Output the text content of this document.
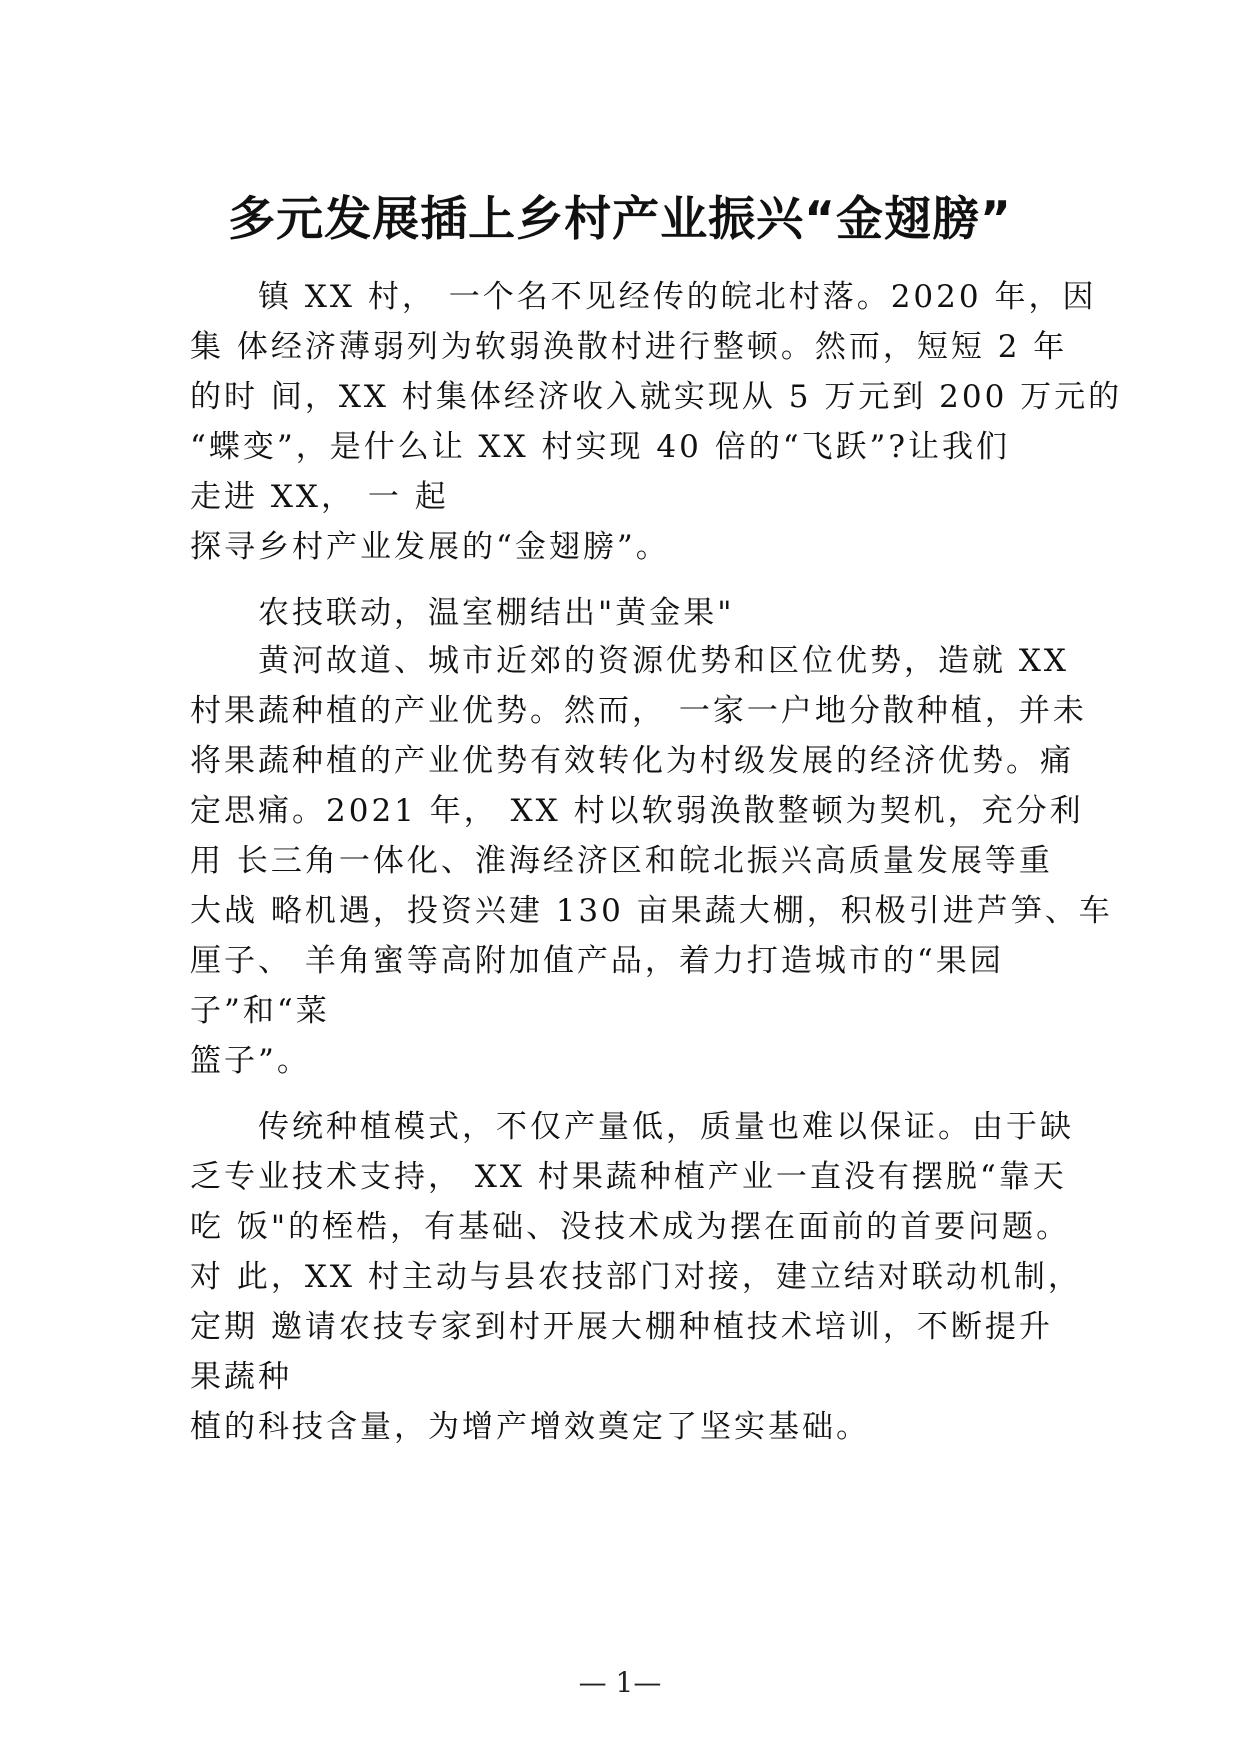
多元发展插上乡村产业振兴“金翅膀”
镇 XX 村， 一个名不见经传的皖北村落。2020 年，因
集 体经济薄弱列为软弱涣散村进行整顿。然而，短短 2 年
的时 间，XX 村集体经济收入就实现从 5 万元到 200 万元的
“蝶变”，是什么让 XX 村实现 40 倍的“飞跃”?让我们
走进 XX， 一 起
探寻乡村产业发展的“金翅膀”。
农技联动，温室棚结出"黄金果"
黄河故道、城市近郊的资源优势和区位优势，造就 XX
村果蔬种植的产业优势。然而， 一家一户地分散种植，并未
将果蔬种植的产业优势有效转化为村级发展的经济优势。痛
定思痛。2021 年， XX 村以软弱涣散整顿为契机，充分利
用 长三角一体化、淮海经济区和皖北振兴高质量发展等重
大战 略机遇，投资兴建 130 亩果蔬大棚，积极引进芦笋、车
厘子、 羊角蜜等高附加值产品，着力打造城市的“果园
子”和“菜
篮子”。
传统种植模式，不仅产量低，质量也难以保证。由于缺
乏专业技术支持， XX 村果蔬种植产业一直没有摆脱“靠天
吃 饭"的桎梏，有基础、没技术成为摆在面前的首要问题。
对 此，XX 村主动与县农技部门对接，建立结对联动机制，
定期 邀请农技专家到村开展大棚种植技术培训，不断提升
果蔬种
植的科技含量，为增产增效奠定了坚实基础。
— 1—
